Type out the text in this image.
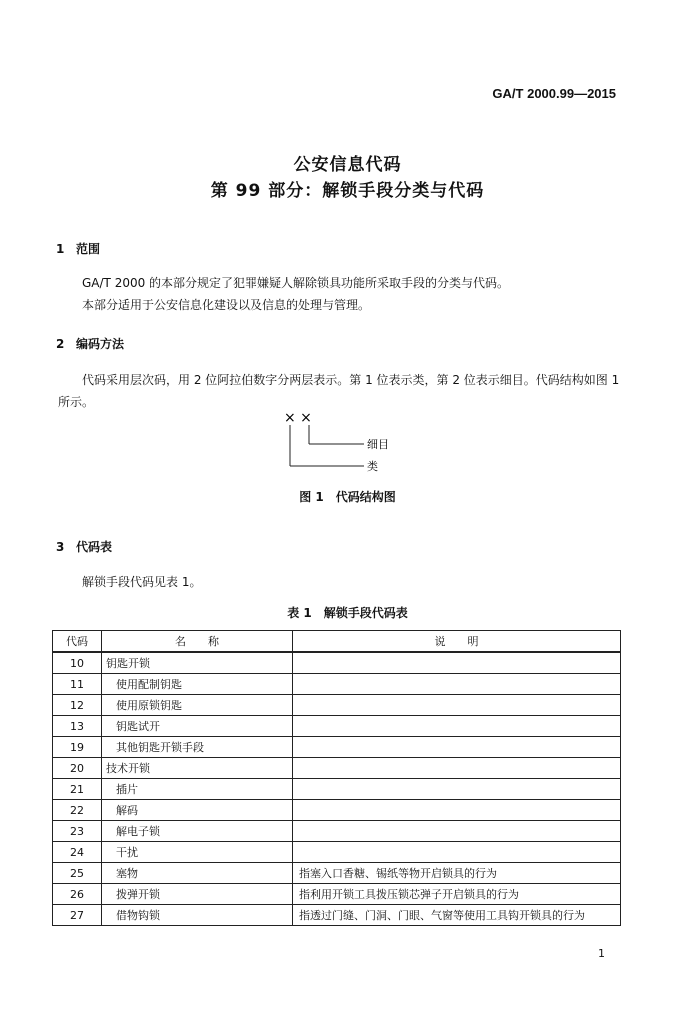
GA/T 2000.99—2015
公安信息代码
第 99 部分：解锁手段分类与代码
1 范围
GA/T 2000 的本部分规定了犯罪嫌疑人解除锁具功能所采取手段的分类与代码。
本部分适用于公安信息化建设以及信息的处理与管理。
2 编码方法
代码采用层次码，用 2 位阿拉伯数字分两层表示。第 1 位表示类，第 2 位表示细目。代码结构如图 1 所示。
× ×
细目
类
图 1　代码结构图
3 代码表
解锁手段代码见表 1。
表 1　解锁手段代码表
代码	名　　称	说　　明
10	钥匙开锁	
11	使用配制钥匙	
12	使用原锁钥匙	
13	钥匙试开	
19	其他钥匙开锁手段	
20	技术开锁	
21	插片	
22	解码	
23	解电子锁	
24	干扰	
25	塞物	指塞入口香糖、锡纸等物开启锁具的行为
26	拨弹开锁	指利用开锁工具拨压锁芯弹子开启锁具的行为
27	借物钩锁	指透过门缝、门洞、门眼、气窗等使用工具钩开锁具的行为
1
